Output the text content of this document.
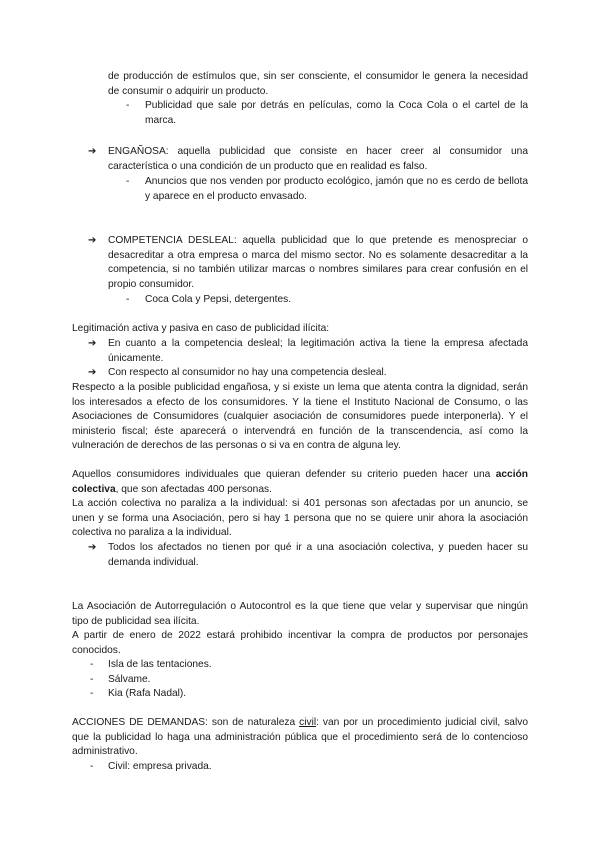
de producción de estímulos que, sin ser consciente, el consumidor le genera la necesidad de consumir o adquirir un producto.

- Publicidad que sale por detrás en películas, como la Coca Cola o el cartel de la marca.
➔	ENGAÑOSA: aquella publicidad que consiste en hacer creer al consumidor una característica o una condición de un producto que en realidad es falso.
- Anuncios que nos venden por producto ecológico, jamón que no es cerdo de bellota y aparece en el producto envasado.
➔	COMPETENCIA DESLEAL: aquella publicidad que lo que pretende es menospreciar o desacreditar a otra empresa o marca del mismo sector. No es solamente desacreditar a la competencia, si no también utilizar marcas o nombres similares para crear confusión en el propio consumidor.
- Coca Cola y Pepsi, detergentes.

Legitimación activa y pasiva en caso de publicidad ilícita:

➔	En cuanto a la competencia desleal; la legitimación activa la tiene la empresa afectada únicamente.
➔	Con respecto al consumidor no hay una competencia desleal.

Respecto a la posible publicidad engañosa, y si existe un lema que atenta contra la dignidad, serán los interesados a efecto de los consumidores. Y la tiene el Instituto Nacional de Consumo, o las Asociaciones de Consumidores (cualquier asociación de consumidores puede interponerla). Y el ministerio fiscal; éste aparecerá o intervendrá en función de la transcendencia, así como la vulneración de derechos de las personas o si va en contra de alguna ley.

Aquellos consumidores individuales que quieran defender su criterio pueden hacer una acción colectiva, que son afectadas 400 personas.

La acción colectiva no paraliza a la individual: si 401 personas son afectadas por un anuncio, se unen y se forma una Asociación, pero si hay 1 persona que no se quiere unir ahora la asociación colectiva no paraliza a la individual.

➔	Todos los afectados no tienen por qué ir a una asociación colectiva, y pueden hacer su demanda individual.

La Asociación de Autorregulación o Autocontrol es la que tiene que velar y supervisar que ningún tipo de publicidad sea ilícita.

A partir de enero de 2022 estará prohibido incentivar la compra de productos por personajes conocidos.

- Isla de las tentaciones.
- Sálvame.
- Kia (Rafa Nadal).

ACCIONES DE DEMANDAS: son de naturaleza civil: van por un procedimiento judicial civil, salvo que la publicidad lo haga una administración pública que el procedimiento será de lo contencioso administrativo.

- Civil: empresa privada.
